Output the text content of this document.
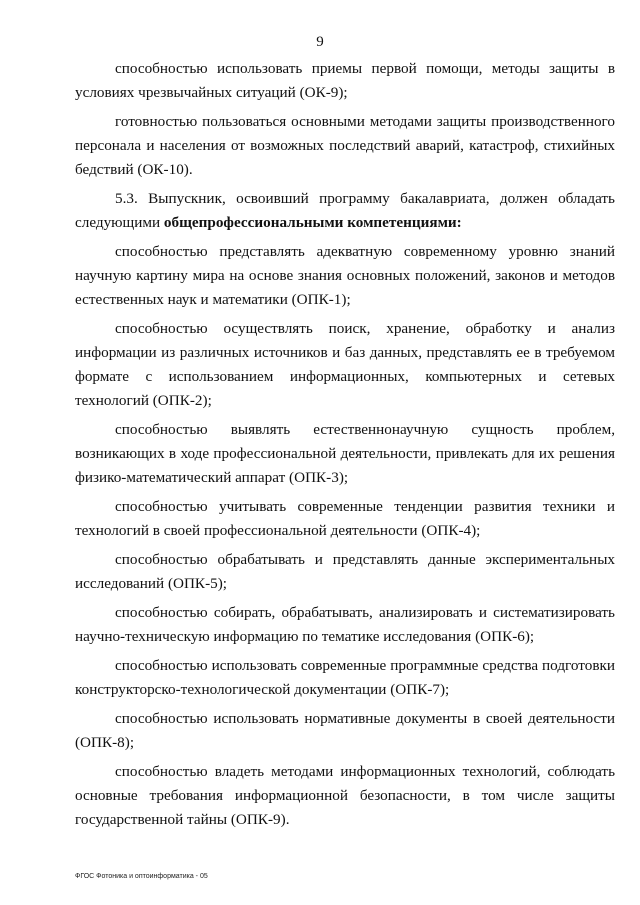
9

способностью использовать приемы первой помощи, методы защиты в условиях чрезвычайных ситуаций (ОК-9);

готовностью пользоваться основными методами защиты производственного персонала и населения от возможных последствий аварий, катастроф, стихийных бедствий (ОК-10).

5.3. Выпускник, освоивший программу бакалавриата, должен обладать следующими общепрофессиональными компетенциями:

способностью представлять адекватную современному уровню знаний научную картину мира на основе знания основных положений, законов и методов естественных наук и математики (ОПК-1);

способностью осуществлять поиск, хранение, обработку и анализ информации из различных источников и баз данных, представлять ее в требуемом формате с использованием информационных, компьютерных и сетевых технологий (ОПК-2);

способностью выявлять естественнонаучную сущность проблем, возникающих в ходе профессиональной деятельности, привлекать для их решения физико-математический аппарат (ОПК-3);

способностью учитывать современные тенденции развития техники и технологий в своей профессиональной деятельности (ОПК-4);

способностью обрабатывать и представлять данные экспериментальных исследований (ОПК-5);

способностью собирать, обрабатывать, анализировать и систематизировать научно-техническую информацию по тематике исследования (ОПК-6);

способностью использовать современные программные средства подготовки конструкторско-технологической документации (ОПК-7);

способностью использовать нормативные документы в своей деятельности (ОПК-8);

способностью владеть методами информационных технологий, соблюдать основные требования информационной безопасности, в том числе защиты государственной тайны (ОПК-9).

ФГОС Фотоника и оптоинформатика - 05
